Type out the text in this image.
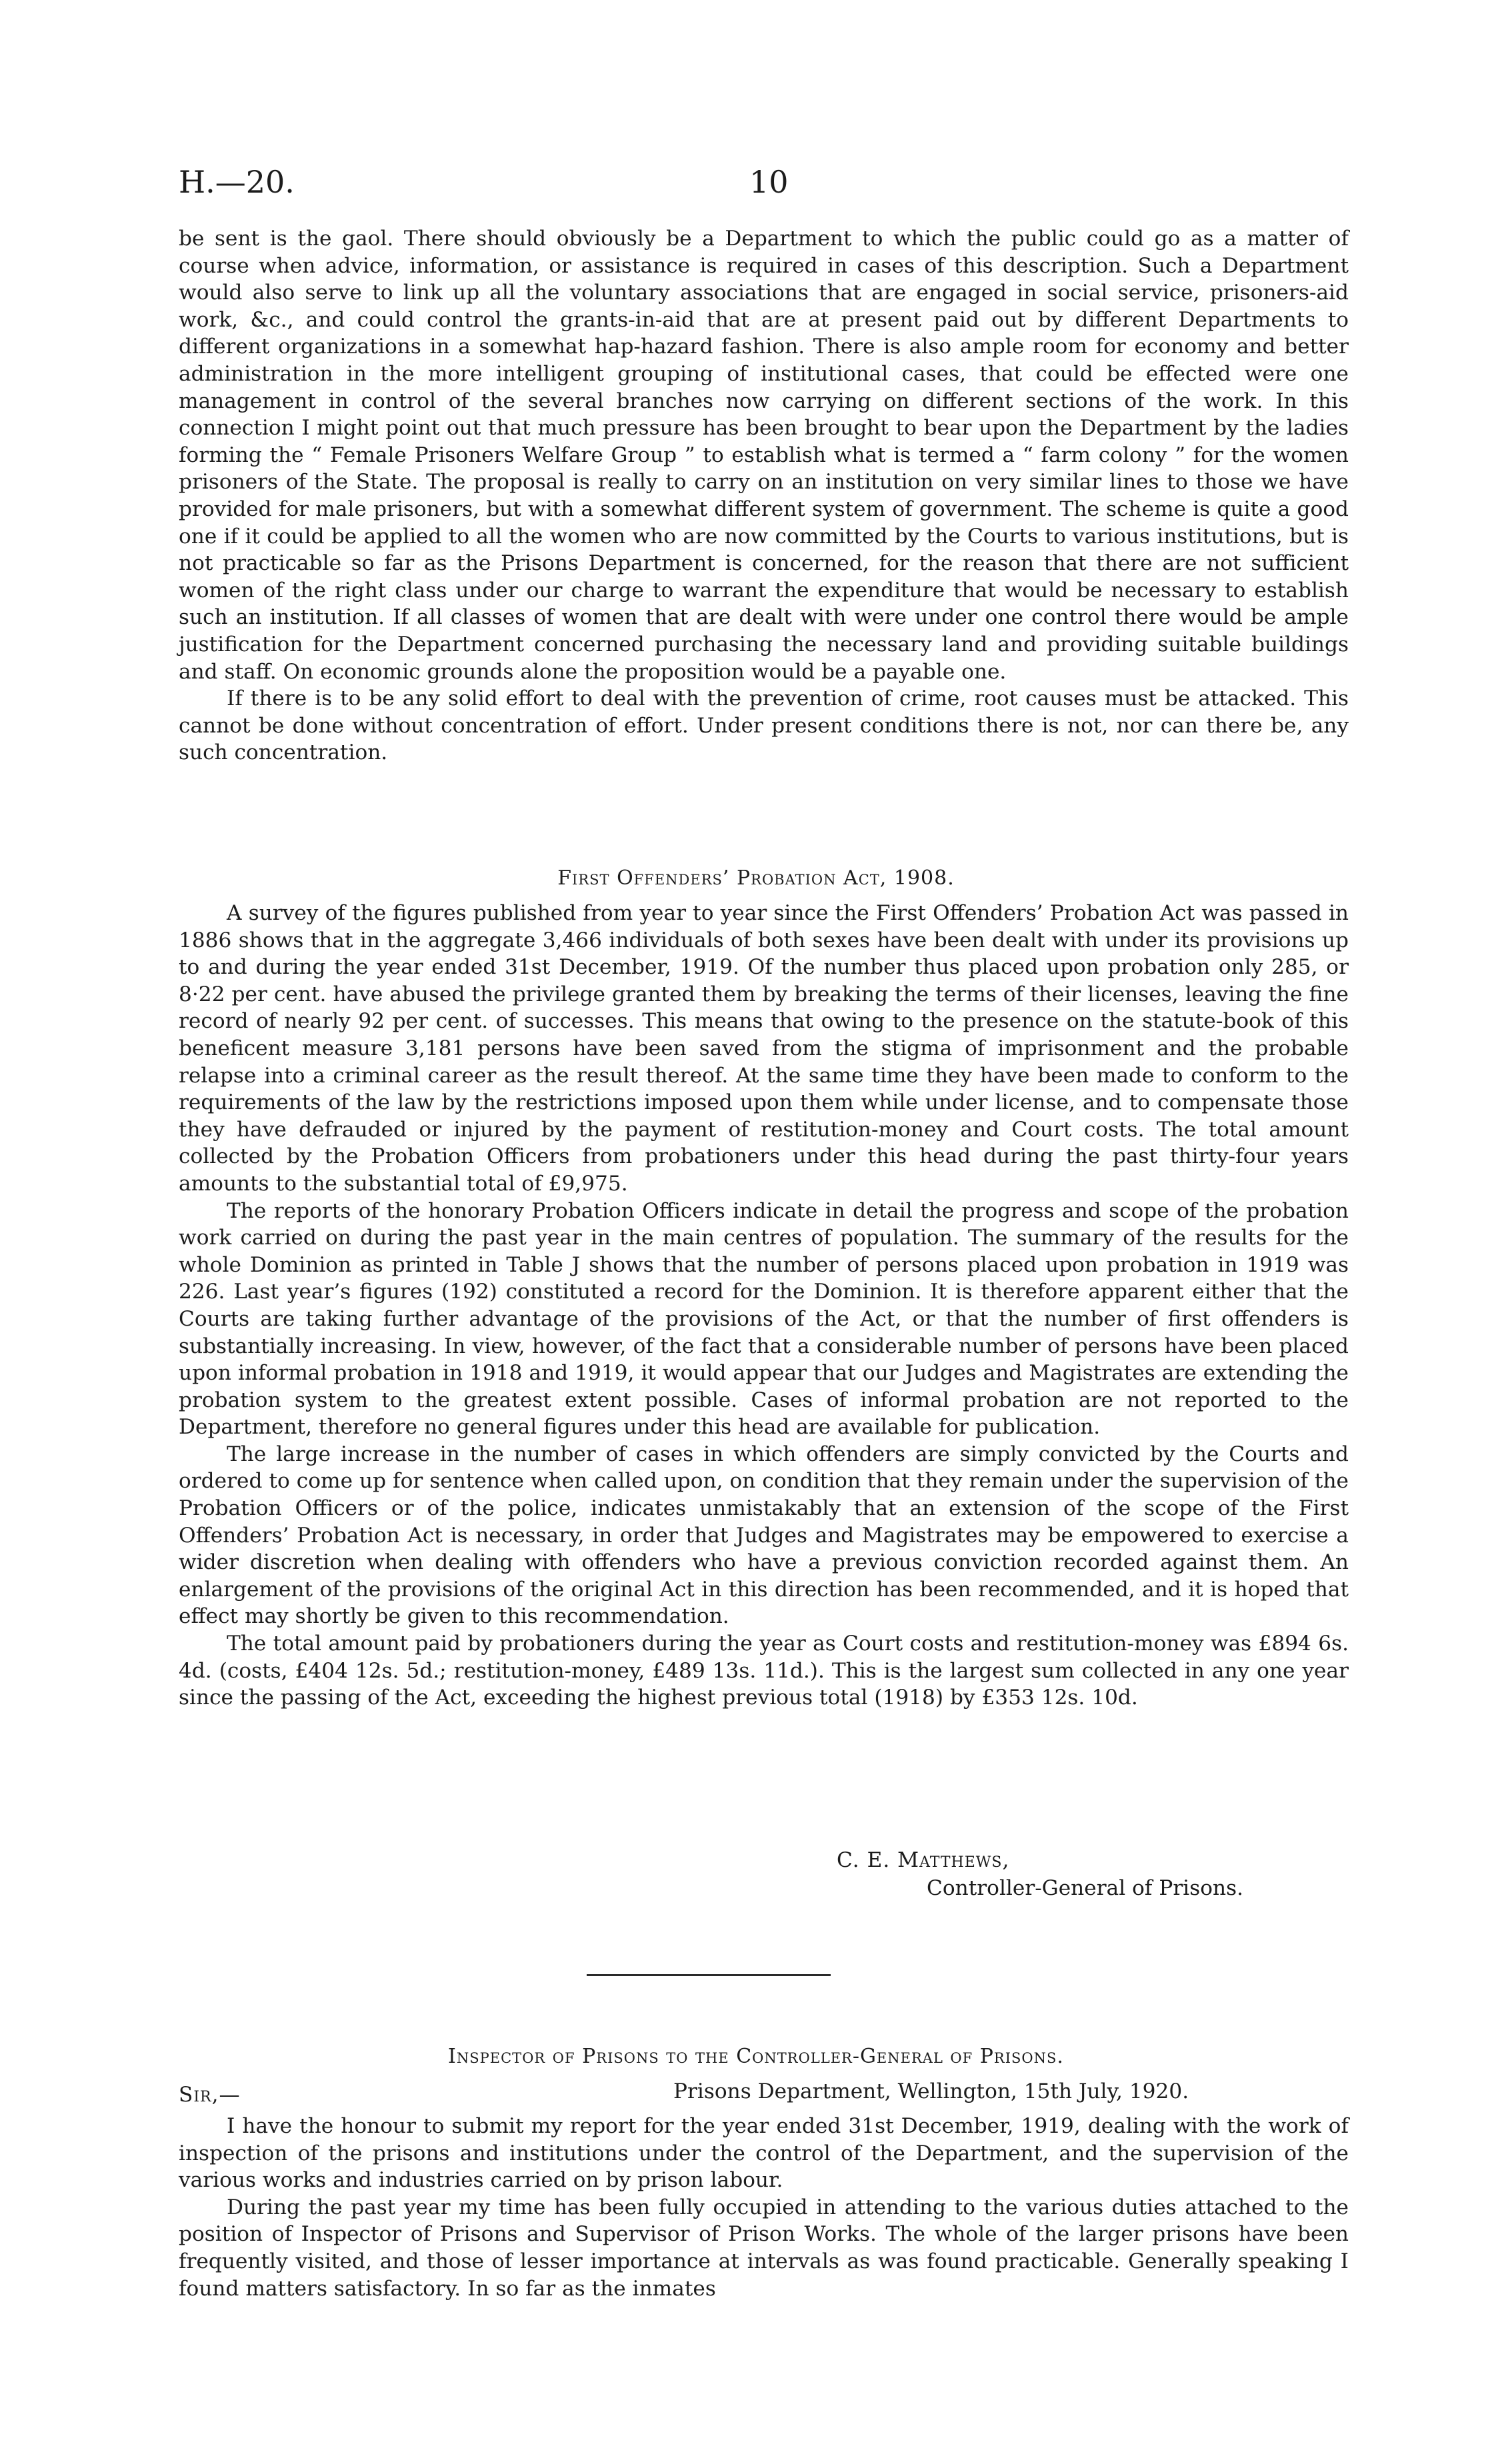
H.—20.	10

be sent is the gaol. There should obviously be a Department to which the public could go as a matter of course when advice, information, or assistance is required in cases of this description. Such a Department would also serve to link up all the voluntary associations that are engaged in social service, prisoners-aid work, &c., and could control the grants-in-aid that are at present paid out by different Departments to different organizations in a somewhat hap-hazard fashion. There is also ample room for economy and better administration in the more intelligent grouping of institutional cases, that could be effected were one management in control of the several branches now carrying on different sections of the work. In this connection I might point out that much pressure has been brought to bear upon the Department by the ladies forming the “ Female Prisoners Welfare Group ” to establish what is termed a “ farm colony ” for the women prisoners of the State. The proposal is really to carry on an institution on very similar lines to those we have provided for male prisoners, but with a somewhat different system of government. The scheme is quite a good one if it could be applied to all the women who are now committed by the Courts to various institutions, but is not practicable so far as the Prisons Department is concerned, for the reason that there are not sufficient women of the right class under our charge to warrant the expenditure that would be necessary to establish such an institution. If all classes of women that are dealt with were under one control there would be ample justification for the Department concerned purchasing the necessary land and providing suitable buildings and staff. On economic grounds alone the proposition would be a payable one.

If there is to be any solid effort to deal with the prevention of crime, root causes must be attacked. This cannot be done without concentration of effort. Under present conditions there is not, nor can there be, any such concentration.

First Offenders’ Probation Act, 1908.

A survey of the figures published from year to year since the First Offenders’ Probation Act was passed in 1886 shows that in the aggregate 3,466 individuals of both sexes have been dealt with under its provisions up to and during the year ended 31st December, 1919. Of the number thus placed upon probation only 285, or 8·22 per cent. have abused the privilege granted them by breaking the terms of their licenses, leaving the fine record of nearly 92 per cent. of successes. This means that owing to the presence on the statute-book of this beneficent measure 3,181 persons have been saved from the stigma of imprisonment and the probable relapse into a criminal career as the result thereof. At the same time they have been made to conform to the requirements of the law by the restrictions imposed upon them while under license, and to compensate those they have defrauded or injured by the payment of restitution-money and Court costs. The total amount collected by the Probation Officers from probationers under this head during the past thirty-four years amounts to the substantial total of £9,975.

The reports of the honorary Probation Officers indicate in detail the progress and scope of the probation work carried on during the past year in the main centres of population. The summary of the results for the whole Dominion as printed in Table J shows that the number of persons placed upon probation in 1919 was 226. Last year’s figures (192) constituted a record for the Dominion. It is therefore apparent either that the Courts are taking further advantage of the provisions of the Act, or that the number of first offenders is substantially increasing. In view, however, of the fact that a considerable number of persons have been placed upon informal probation in 1918 and 1919, it would appear that our Judges and Magistrates are extending the probation system to the greatest extent possible. Cases of informal probation are not reported to the Department, therefore no general figures under this head are available for publication.

The large increase in the number of cases in which offenders are simply convicted by the Courts and ordered to come up for sentence when called upon, on condition that they remain under the supervision of the Probation Officers or of the police, indicates unmistakably that an extension of the scope of the First Offenders’ Probation Act is necessary, in order that Judges and Magistrates may be empowered to exercise a wider discretion when dealing with offenders who have a previous conviction recorded against them. An enlargement of the provisions of the original Act in this direction has been recommended, and it is hoped that effect may shortly be given to this recommendation.

The total amount paid by probationers during the year as Court costs and restitution-money was £894 6s. 4d. (costs, £404 12s. 5d.; restitution-money, £489 13s. 11d.). This is the largest sum collected in any one year since the passing of the Act, exceeding the highest previous total (1918) by £353 12s. 10d.

C. E. Matthews,
Controller-General of Prisons.
Inspector of Prisons to the Controller-General of Prisons.
Sir,—	Prisons Department, Wellington, 15th July, 1920.

I have the honour to submit my report for the year ended 31st December, 1919, dealing with the work of inspection of the prisons and institutions under the control of the Department, and the supervision of the various works and industries carried on by prison labour.

During the past year my time has been fully occupied in attending to the various duties attached to the position of Inspector of Prisons and Supervisor of Prison Works. The whole of the larger prisons have been frequently visited, and those of lesser importance at intervals as was found practicable. Generally speaking I found matters satisfactory. In so far as the inmates
